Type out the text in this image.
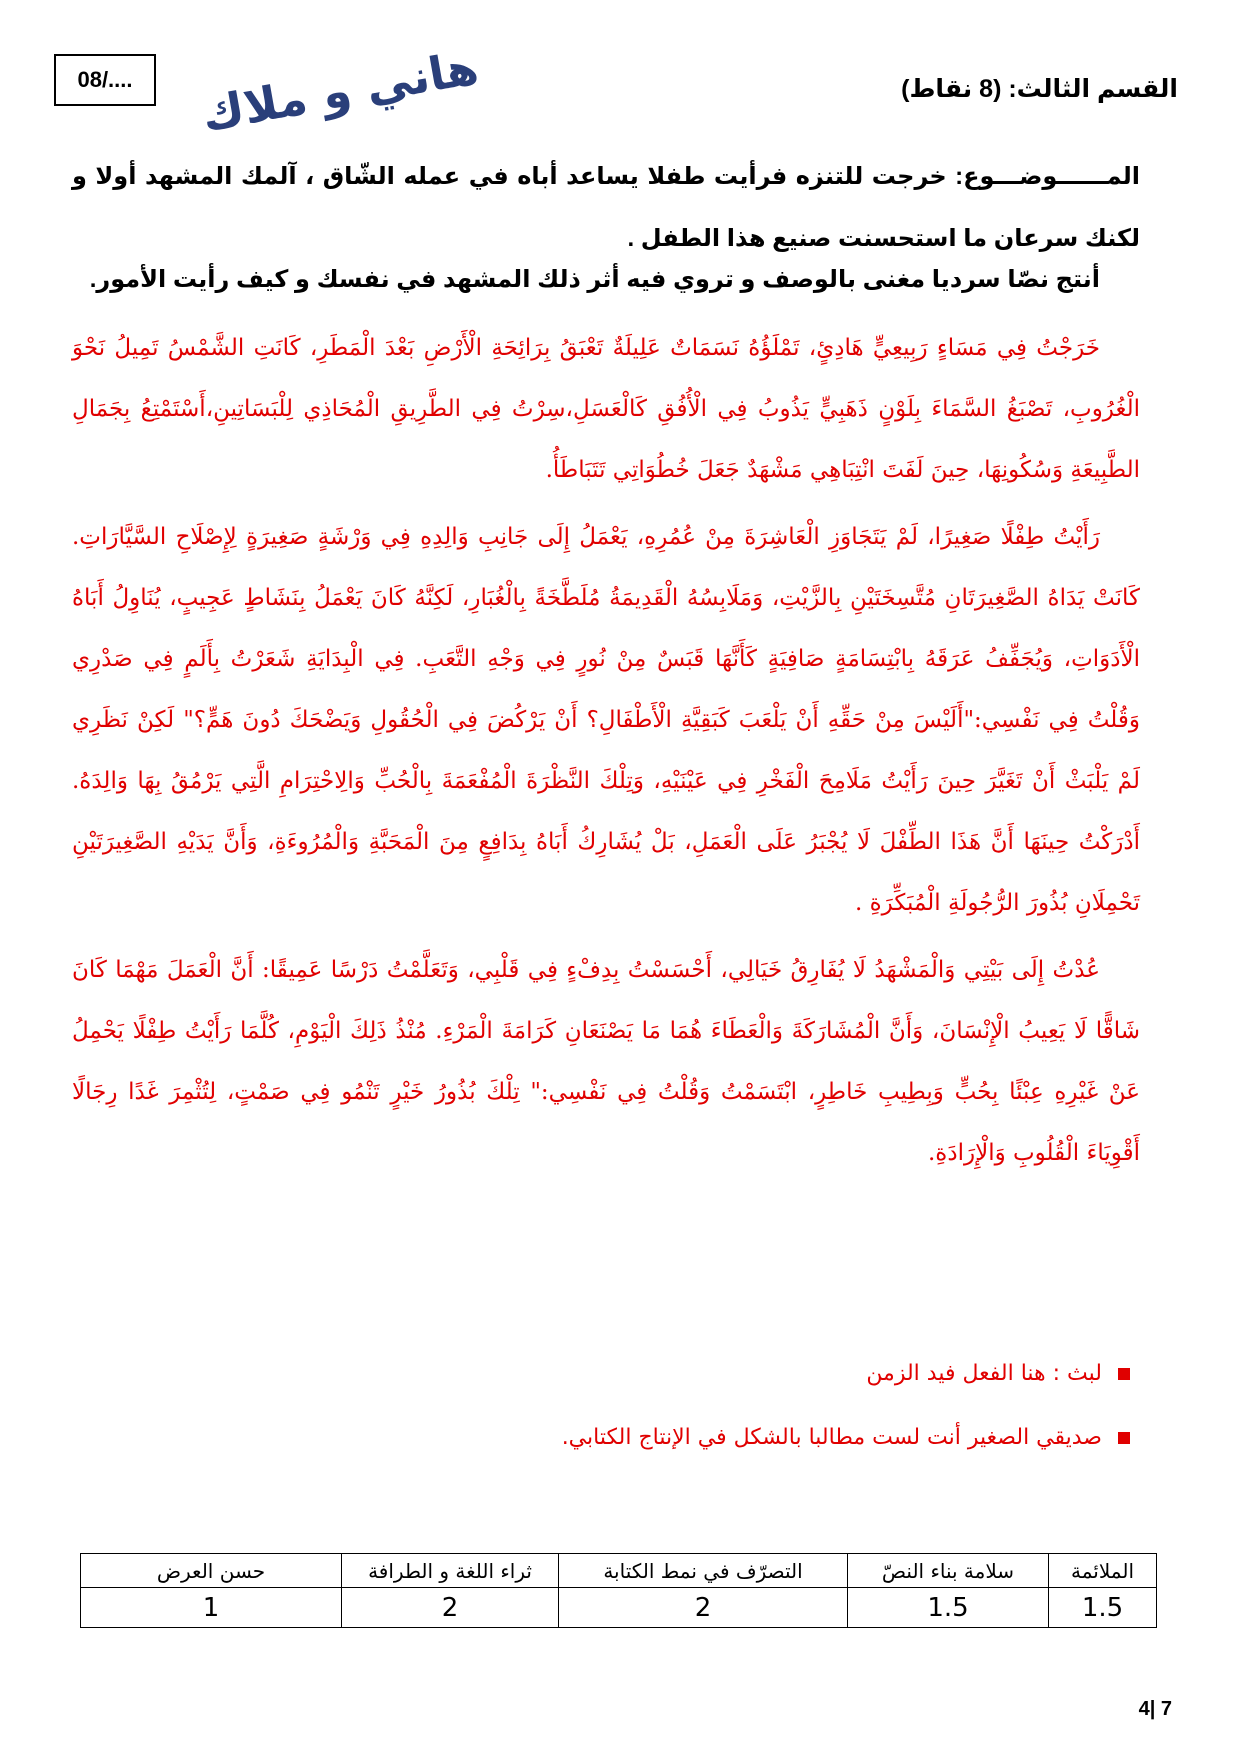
08/....	هاني و ملاك	القسم الثالث: (8 نقاط)
المــــــوضـــوع: خرجت للتنزه فرأيت طفلا يساعد أباه في عمله الشّاق ، آلمك المشهد أولا و لكنك سرعان ما استحسنت صنيع هذا الطفل .
أنتج نصّا سرديا مغنى بالوصف و تروي فيه أثر ذلك المشهد في نفسك و كيف رأيت الأمور.

خَرَجْتُ فِي مَسَاءٍ رَبِيعِيٍّ هَادِئٍ، تَمْلَؤُهُ نَسَمَاتٌ عَلِيلَةٌ تَعْبَقُ بِرَائِحَةِ الْأَرْضِ بَعْدَ الْمَطَرِ، كَانَتِ الشَّمْسُ تَمِيلُ نَحْوَ الْغُرُوبِ، تَصْبَغُ السَّمَاءَ بِلَوْنٍ ذَهَبِيٍّ يَذُوبُ فِي الْأُفُقِ كَالْعَسَلِ،سِرْتُ فِي الطَّرِيقِ الْمُحَاذِي لِلْبَسَاتِينِ،أَسْتَمْتِعُ بِجَمَالِ الطَّبِيعَةِ وَسُكُونِهَا، حِينَ لَفَتَ انْتِبَاهِي مَشْهَدٌ جَعَلَ خُطُوَاتِي تَتَبَاطَأُ.

رَأَيْتُ طِفْلًا صَغِيرًا، لَمْ يَتَجَاوَزِ الْعَاشِرَةَ مِنْ عُمُرِهِ، يَعْمَلُ إِلَى جَانِبِ وَالِدِهِ فِي وَرْشَةٍ صَغِيرَةٍ لِإِصْلَاحِ السَّيَّارَاتِ. كَانَتْ يَدَاهُ الصَّغِيرَتَانِ مُتَّسِخَتَيْنِ بِالزَّيْتِ، وَمَلَابِسُهُ الْقَدِيمَةُ مُلَطَّخَةً بِالْغُبَارِ، لَكِنَّهُ كَانَ يَعْمَلُ بِنَشَاطٍ عَجِيبٍ، يُنَاوِلُ أَبَاهُ الْأَدَوَاتِ، وَيُجَفِّفُ عَرَقَهُ بِابْتِسَامَةٍ صَافِيَةٍ كَأَنَّهَا قَبَسٌ مِنْ نُورٍ فِي وَجْهِ التَّعَبِ. فِي الْبِدَايَةِ شَعَرْتُ بِأَلَمٍ فِي صَدْرِي وَقُلْتُ فِي نَفْسِي:"أَلَيْسَ مِنْ حَقِّهِ أَنْ يَلْعَبَ كَبَقِيَّةِ الْأَطْفَالِ؟ أَنْ يَرْكُضَ فِي الْحُقُولِ وَيَضْحَكَ دُونَ هَمٍّ؟" لَكِنْ نَظَرِي لَمْ يَلْبَثْ أَنْ تَغَيَّرَ حِينَ رَأَيْتُ مَلَامِحَ الْفَخْرِ فِي عَيْنَيْهِ، وَتِلْكَ النَّظْرَةَ الْمُفْعَمَةَ بِالْحُبِّ وَالِاحْتِرَامِ الَّتِي يَرْمُقُ بِهَا وَالِدَهُ. أَدْرَكْتُ حِينَهَا أَنَّ هَذَا الطِّفْلَ لَا يُجْبَرُ عَلَى الْعَمَلِ، بَلْ يُشَارِكُ أَبَاهُ بِدَافِعٍ مِنَ الْمَحَبَّةِ وَالْمُرُوءَةِ، وَأَنَّ يَدَيْهِ الصَّغِيرَتَيْنِ تَحْمِلَانِ بُذُورَ الرُّجُولَةِ الْمُبَكِّرَةِ .

عُدْتُ إِلَى بَيْتِي وَالْمَشْهَدُ لَا يُفَارِقُ خَيَالِي، أَحْسَسْتُ بِدِفْءٍ فِي قَلْبِي، وَتَعَلَّمْتُ دَرْسًا عَمِيقًا: أَنَّ الْعَمَلَ مَهْمَا كَانَ شَاقًّا لَا يَعِيبُ الْإِنْسَانَ، وَأَنَّ الْمُشَارَكَةَ وَالْعَطَاءَ هُمَا مَا يَصْنَعَانِ كَرَامَةَ الْمَرْءِ. مُنْذُ ذَلِكَ الْيَوْمِ، كُلَّمَا رَأَيْتُ طِفْلًا يَحْمِلُ عَنْ غَيْرِهِ عِبْئًا بِحُبٍّ وَبِطِيبِ خَاطِرٍ، ابْتَسَمْتُ وَقُلْتُ فِي نَفْسِي:" تِلْكَ بُذُورُ خَيْرٍ تَنْمُو فِي صَمْتٍ، لِتُثْمِرَ غَدًا رِجَالًا أَقْوِيَاءَ الْقُلُوبِ وَالْإِرَادَةِ.

لبث : هنا الفعل فيد الزمن
صديقي الصغير أنت لست مطالبا بالشكل في الإنتاج الكتابي.
الملائمة	سلامة بناء النصّ	التصرّف في نمط الكتابة	ثراء اللغة و الطرافة	حسن العرض
1.5	1.5	2	2	1
4| 7
